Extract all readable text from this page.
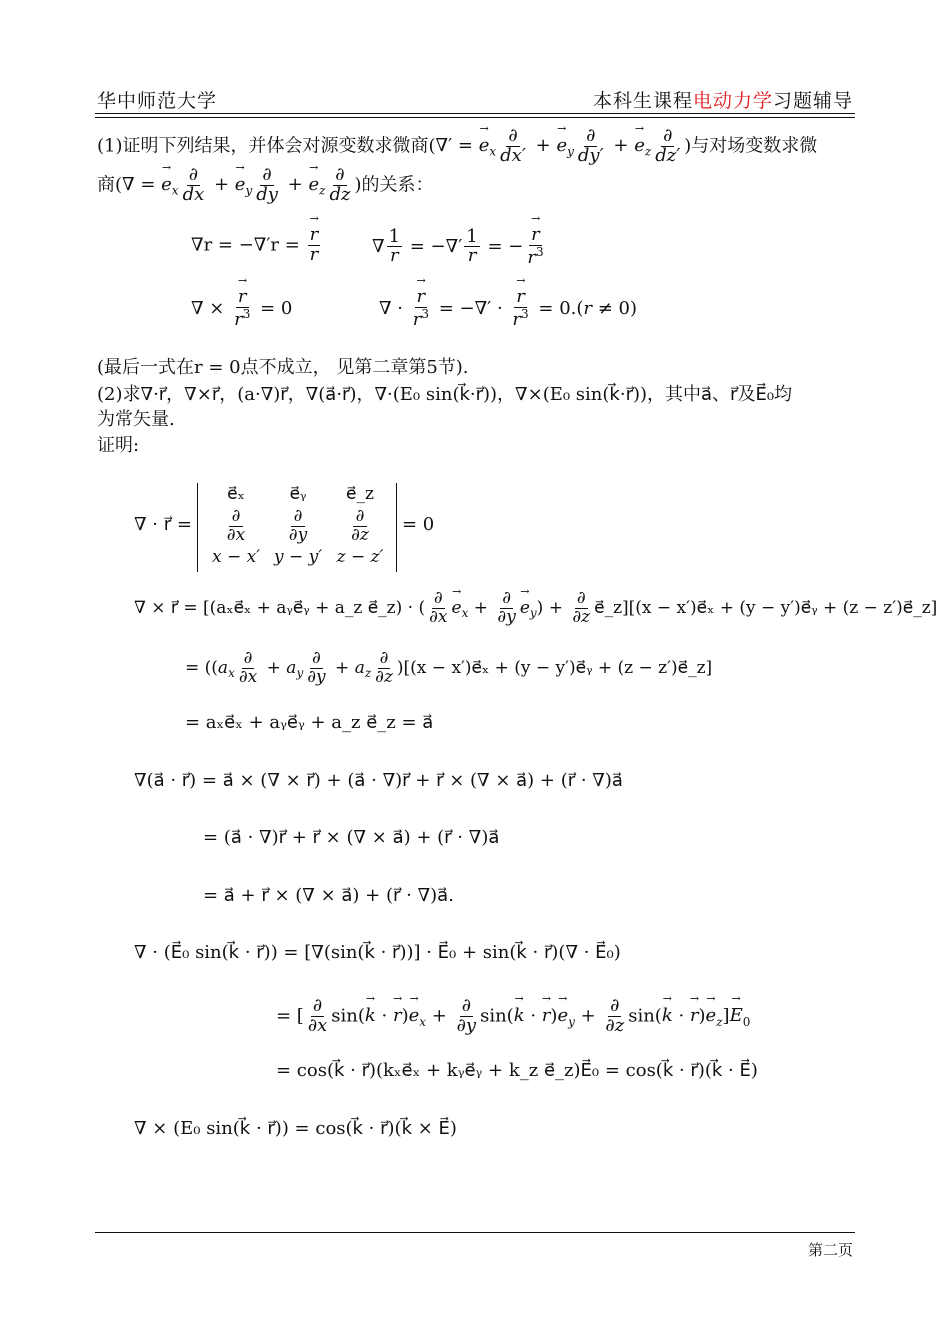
华中师范大学	本科生课程电动力学习题辅导
(1)证明下列结果，并体会对源变数求微商(∇′ = → $e_x \frac{\partial}{dx'}$ + → $e_y \frac{\partial}{dy'}$ + → $e_z \frac{\partial}{dz'}$ )与对场变数求微
商(∇ = → $e_x \frac{\partial}{dx}$ + → $e_y \frac{\partial}{dy}$ + → $e_z \frac{\partial}{dz}$ )的关系：
∇r = −∇′r =
→ $\frac{r}{r}$	∇ $\frac{1}{r}$ = −∇′ $\frac{1}{r}$ = −
→ $\frac{r}{r^3}$
∇ ×
→ $\frac{r}{r^3} = 0$	∇ ·
→ $\frac{r}{r^3}$ = −∇′ ·
→ $\frac{r}{r^3} = 0.(r \ne 0)$
(最后一式在r = 0点不成立， 见第二章第5节).
(2)求∇·r⃗，∇×r⃗，(a·∇)r⃗，∇(a⃗·r⃗)，∇·(E₀ sin(k⃗·r⃗))，∇×(E₀ sin(k⃗·r⃗))，其中a⃗、r⃗及E⃗₀均
为常矢量.
证明:
∇ · r⃗ =
e⃗ₓ	e⃗ᵧ	e⃗_z
$\frac{\partial}{\partial x}$	$\frac{\partial}{\partial y}$	$\frac{\partial}{\partial z}$
x − x′ y − y′ z − z′
= 0
∇ × r⃗ = [(aₓe⃗ₓ + aᵧe⃗ᵧ + a_z e⃗_z) · ( $\frac{\partial}{\partial x}$
→ $e_x + \frac{\partial}{\partial y}$
→ $e_y) + \frac{\partial}{\partial z}$ e⃗_z][(x − x′)e⃗ₓ + (y − y′)e⃗ᵧ + (z − z′)e⃗_z]
= ($(a_x \frac{\partial}{\partial x} + a_y \frac{\partial}{\partial y} + a_z \frac{\partial}{\partial z} )[(x$ − x′)e⃗ₓ + (y − y′)e⃗ᵧ + (z − z′)e⃗_z]
= aₓe⃗ₓ + aᵧe⃗ᵧ + a_z e⃗_z = a⃗
∇(a⃗ · r⃗) = a⃗ × (∇ × r⃗) + (a⃗ · ∇)r⃗ + r⃗ × (∇ × a⃗) + (r⃗ · ∇)a⃗
= (a⃗ · ∇)r⃗ + r⃗ × (∇ × a⃗) + (r⃗ · ∇)a⃗
= a⃗ + r⃗ × (∇ × a⃗) + (r⃗ · ∇)a⃗.
∇ · (E⃗₀ sin(k⃗ · r⃗)) = [∇(sin(k⃗ · r⃗))] · E⃗₀ + sin(k⃗ · r⃗)(∇ · E⃗₀)
= [ $\frac{\partial}{\partial x} \sin(\to k$ · → $r)\to e_x + \frac{\partial}{\partial y} \sin(\to k$ · → $r)\to e_y + \frac{\partial}{\partial z} \sin(\to k$ · → $r)\to e_z]\to E_0$
= cos(k⃗ · r⃗)(kₓe⃗ₓ + kᵧe⃗ᵧ + k_z e⃗_z)E⃗₀ = cos(k⃗ · r⃗)(k⃗ · E⃗)
∇ × (E₀ sin(k⃗ · r⃗)) = cos(k⃗ · r⃗)(k⃗ × E⃗)
第二页
